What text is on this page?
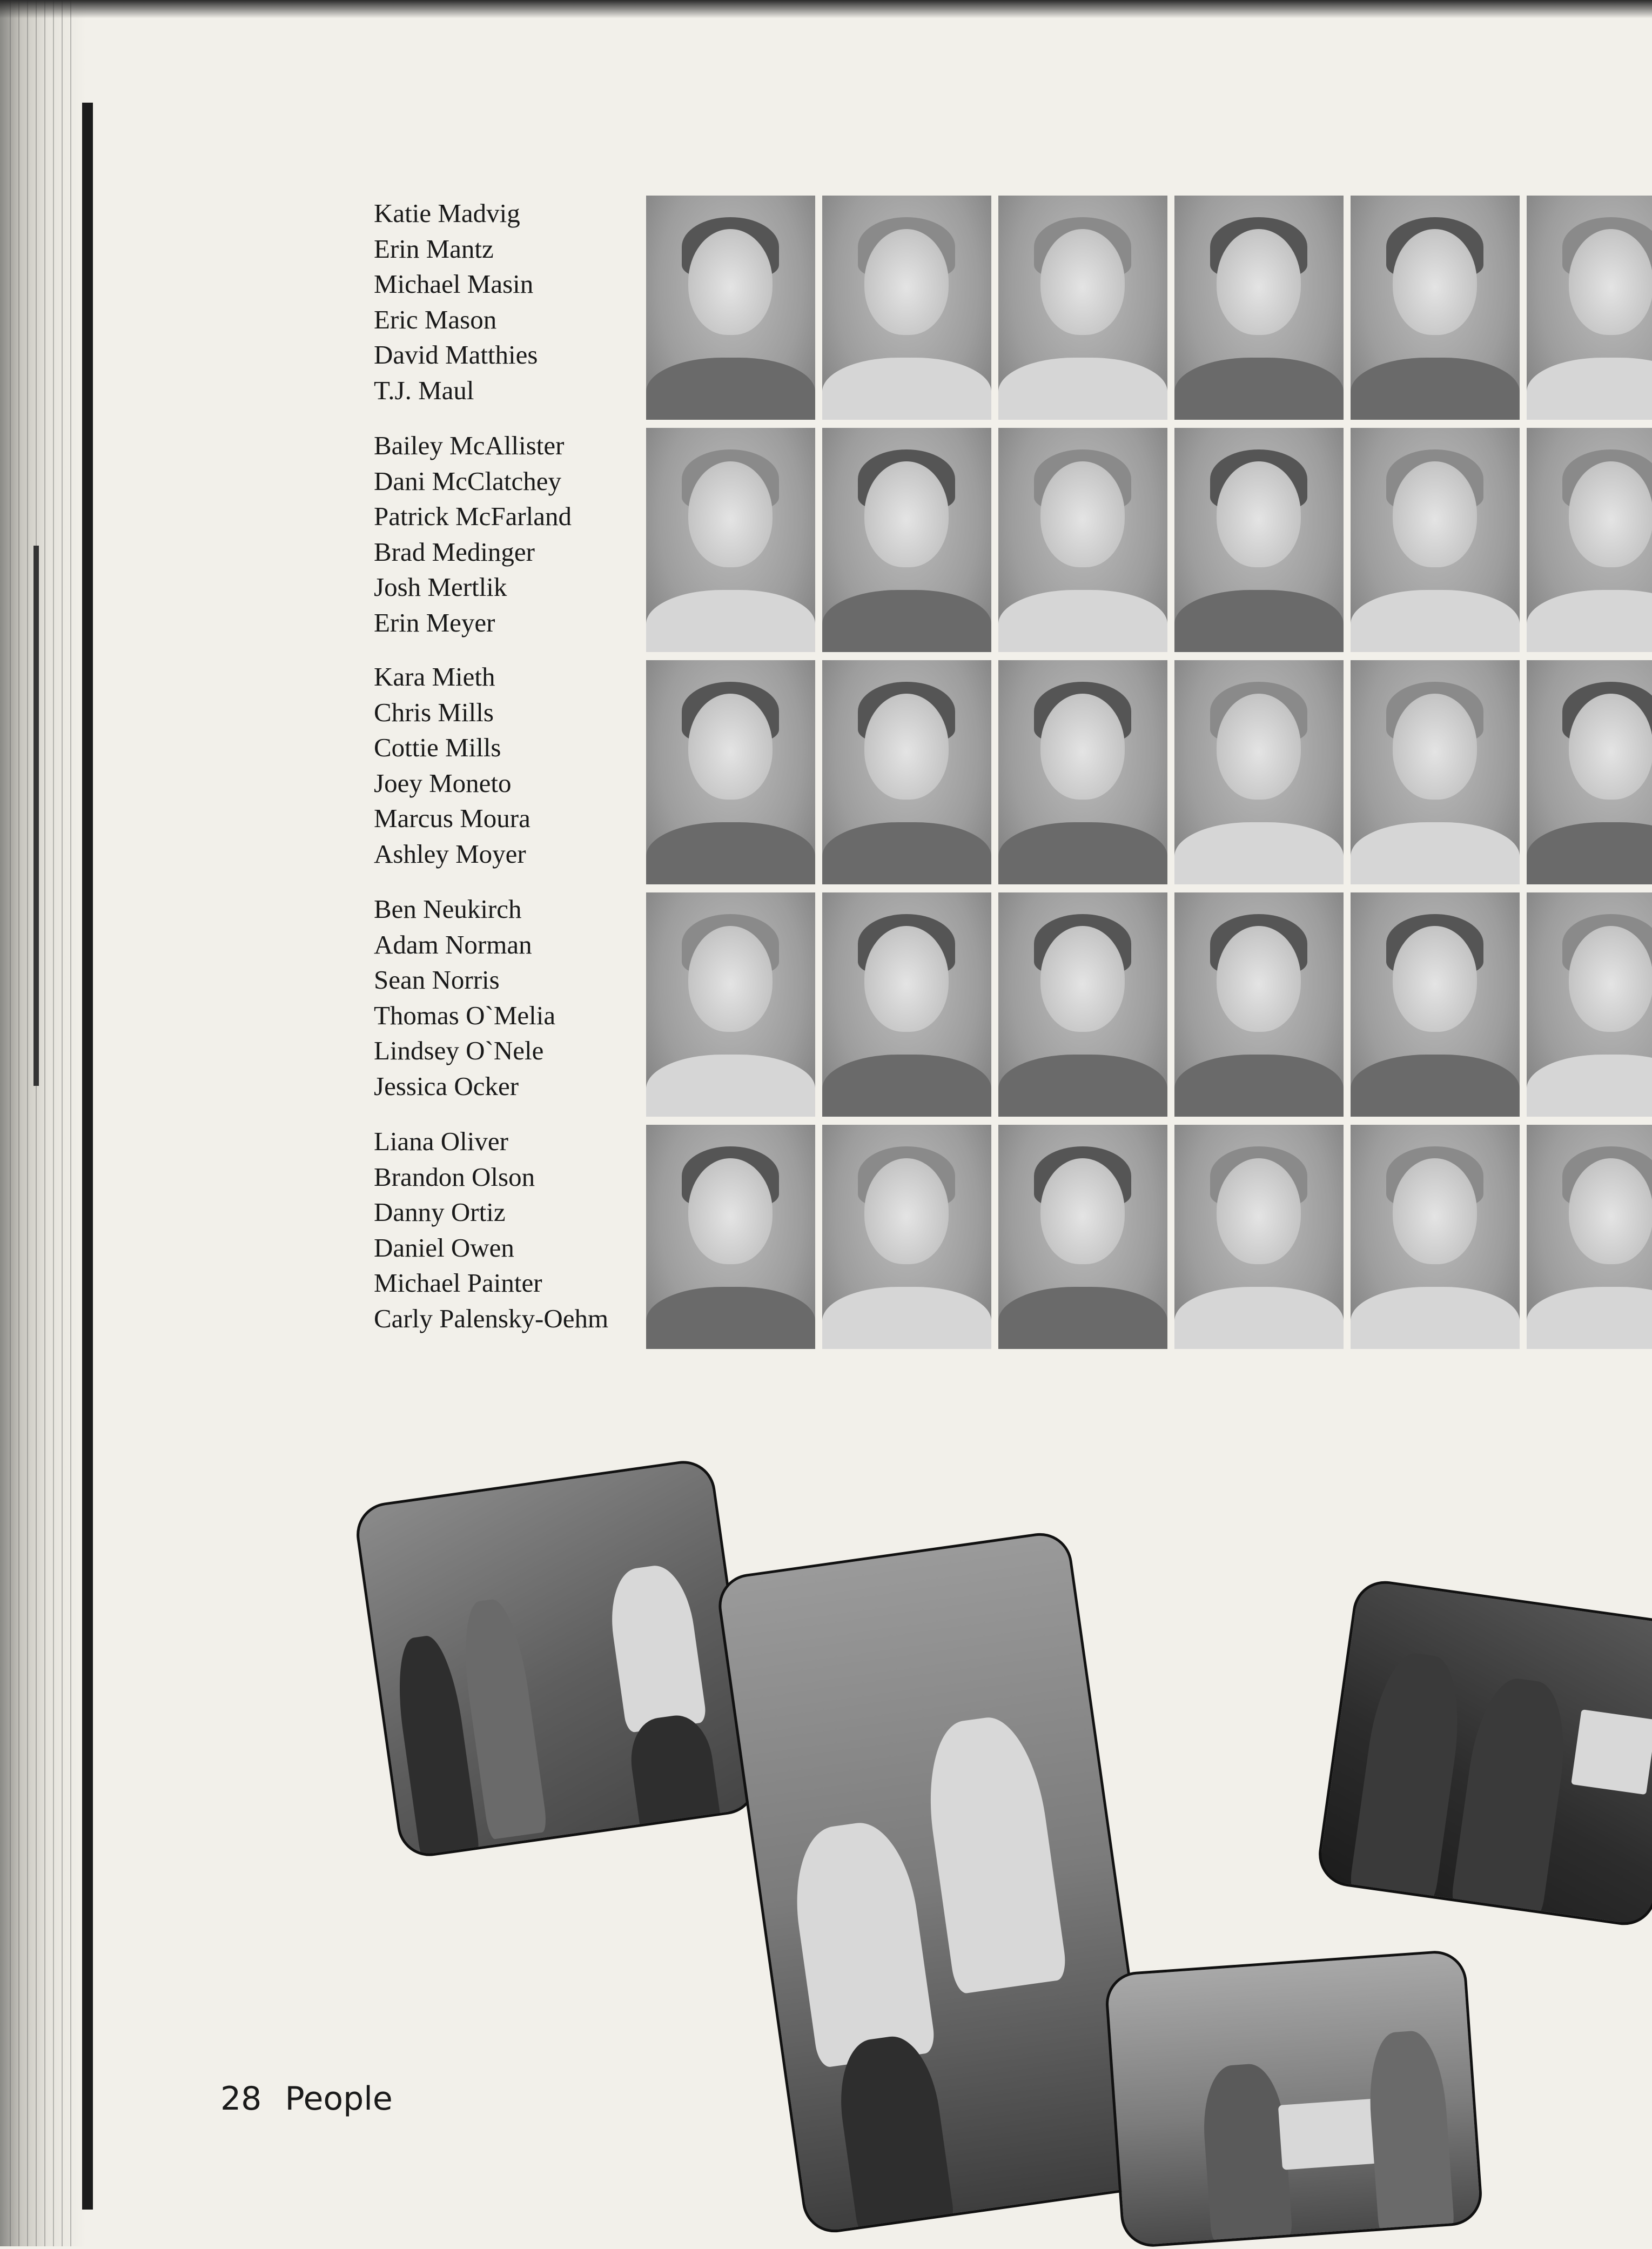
Katie Madvig
Erin Mantz
Michael Masin
Eric Mason
David Matthies
T.J. Maul
Bailey McAllister
Dani McClatchey
Patrick McFarland
Brad Medinger
Josh Mertlik
Erin Meyer
Kara Mieth
Chris Mills
Cottie Mills
Joey Moneto
Marcus Moura
Ashley Moyer
Ben Neukirch
Adam Norman
Sean Norris
Thomas O`Melia
Lindsey O`Nele
Jessica Ocker
Liana Oliver
Brandon Olson
Danny Ortiz
Daniel Owen
Michael Painter
Carly Palensky-Oehm
28 People
